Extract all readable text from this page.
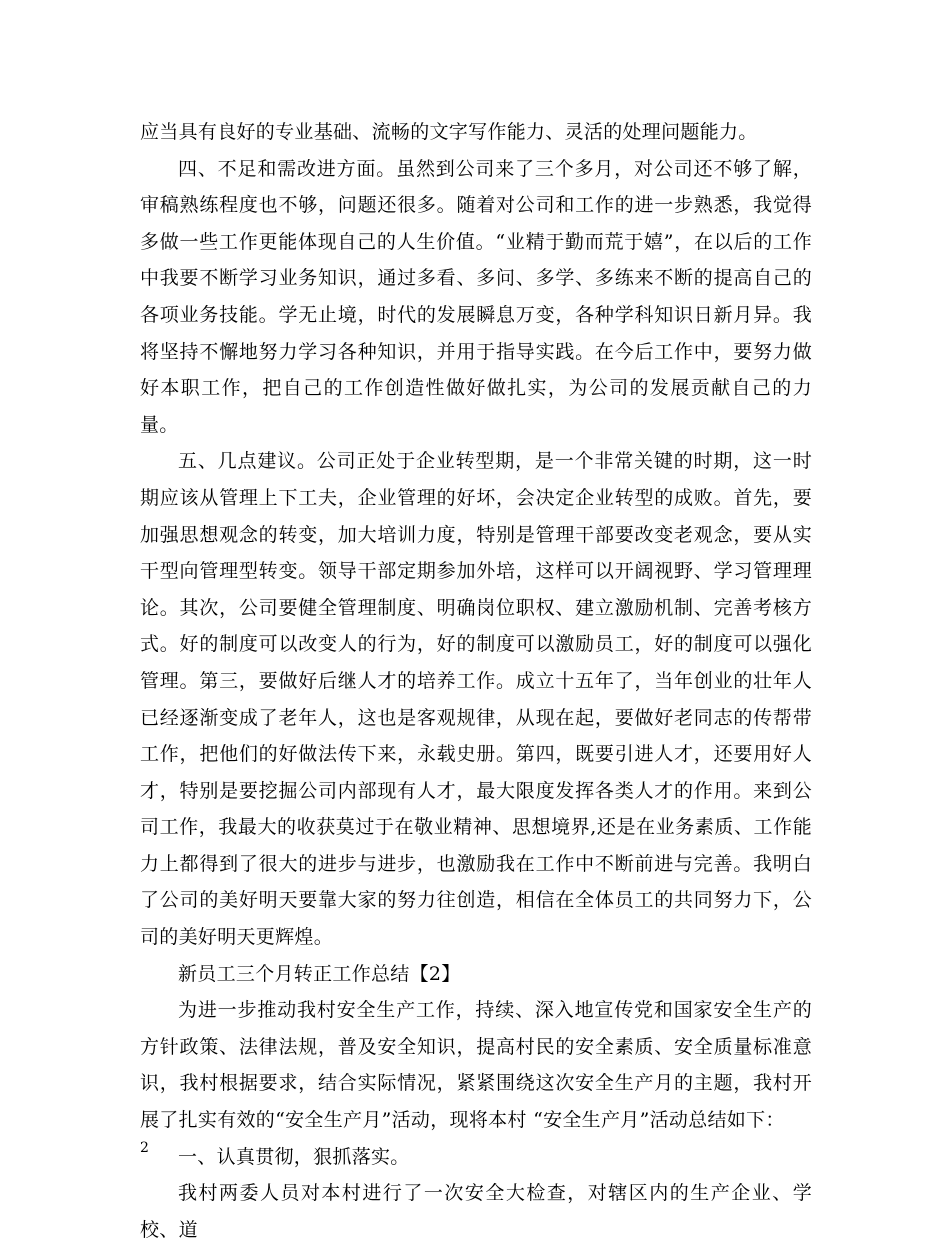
应当具有良好的专业基础、流畅的文字写作能力、灵活的处理问题能力。

四、不足和需改进方面。虽然到公司来了三个多月，对公司还不够了解，审稿熟练程度也不够，问题还很多。随着对公司和工作的进一步熟悉，我觉得多做一些工作更能体现自己的人生价值。“业精于勤而荒于嬉”，在以后的工作中我要不断学习业务知识，通过多看、多问、多学、多练来不断的提高自己的各项业务技能。学无止境，时代的发展瞬息万变，各种学科知识日新月异。我将坚持不懈地努力学习各种知识，并用于指导实践。在今后工作中，要努力做好本职工作，把自己的工作创造性做好做扎实，为公司的发展贡献自己的力量。

五、几点建议。公司正处于企业转型期，是一个非常关键的时期，这一时期应该从管理上下工夫，企业管理的好坏，会决定企业转型的成败。首先，要加强思想观念的转变，加大培训力度，特别是管理干部要改变老观念，要从实干型向管理型转变。领导干部定期参加外培，这样可以开阔视野、学习管理理论。其次，公司要健全管理制度、明确岗位职权、建立激励机制、完善考核方式。好的制度可以改变人的行为，好的制度可以激励员工，好的制度可以强化管理。第三，要做好后继人才的培养工作。成立十五年了，当年创业的壮年人已经逐渐变成了老年人，这也是客观规律，从现在起，要做好老同志的传帮带工作，把他们的好做法传下来，永载史册。第四，既要引进人才，还要用好人才，特别是要挖掘公司内部现有人才，最大限度发挥各类人才的作用。来到公司工作，我最大的收获莫过于在敬业精神、思想境界,还是在业务素质、工作能力上都得到了很大的进步与进步，也激励我在工作中不断前进与完善。我明白了公司的美好明天要靠大家的努力往创造，相信在全体员工的共同努力下，公司的美好明天更辉煌。

新员工三个月转正工作总结【2】

为进一步推动我村安全生产工作，持续、深入地宣传党和国家安全生产的方针政策、法律法规，普及安全知识，提高村民的安全素质、安全质量标准意识，我村根据要求，结合实际情况，紧紧围绕这次安全生产月的主题，我村开展了扎实有效的“安全生产月”活动，现将本村 “安全生产月”活动总结如下：

一、认真贯彻，狠抓落实。

我村两委人员对本村进行了一次安全大检查，对辖区内的生产企业、学校、道

2
